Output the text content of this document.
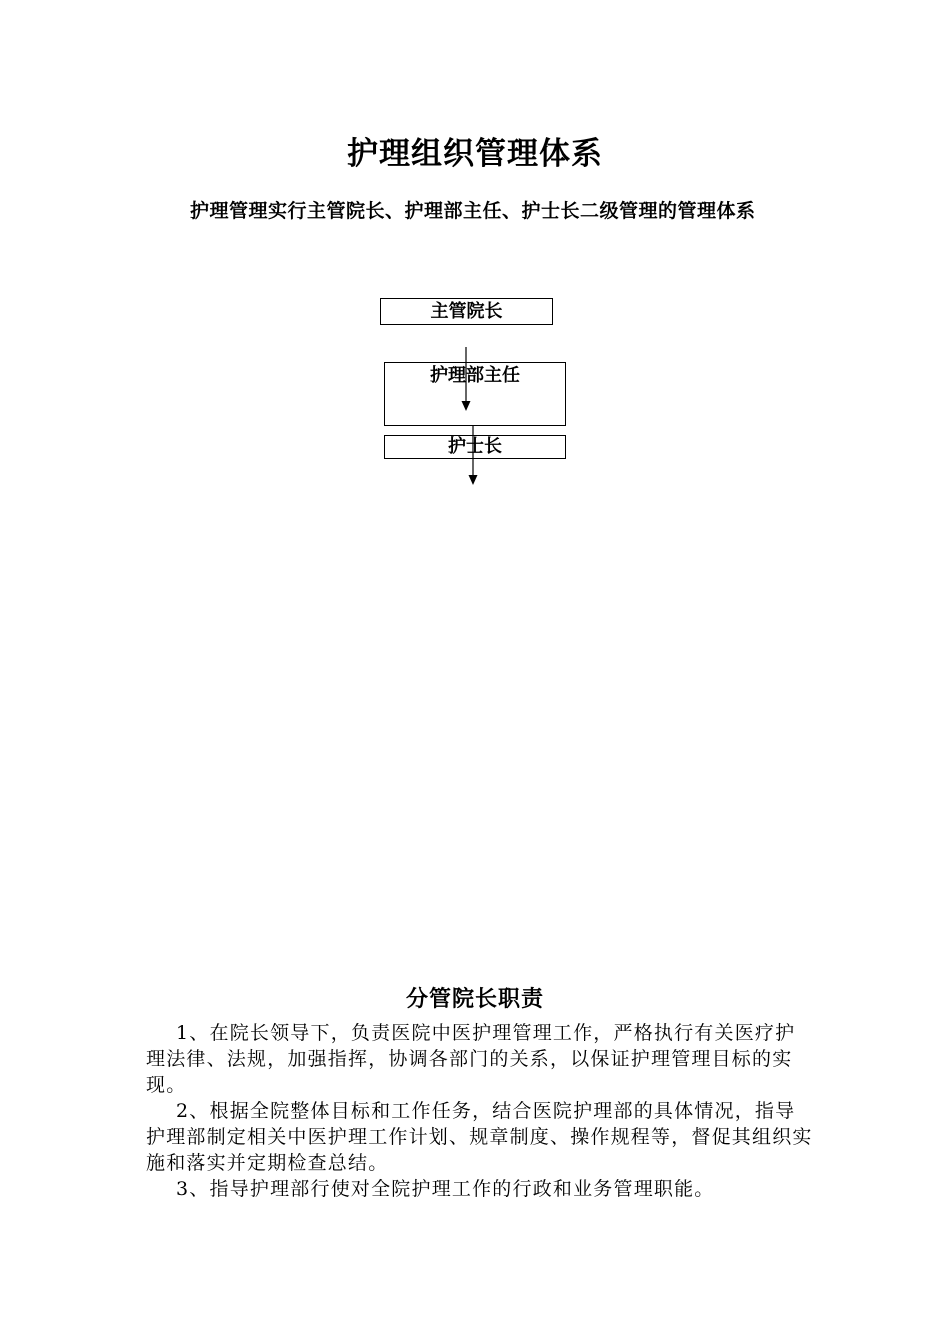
护理组织管理体系

护理管理实行主管院长、护理部主任、护士长二级管理的管理体系

主管院长
护理部主任
护士长
分管院长职责

1、在院长领导下，负责医院中医护理管理工作，严格执行有关医疗护理法律、法规，加强指挥，协调各部门的关系，以保证护理管理目标的实现。

2、根据全院整体目标和工作任务，结合医院护理部的具体情况，指导护理部制定相关中医护理工作计划、规章制度、操作规程等，督促其组织实施和落实并定期检查总结。

3、指导护理部行使对全院护理工作的行政和业务管理职能。
